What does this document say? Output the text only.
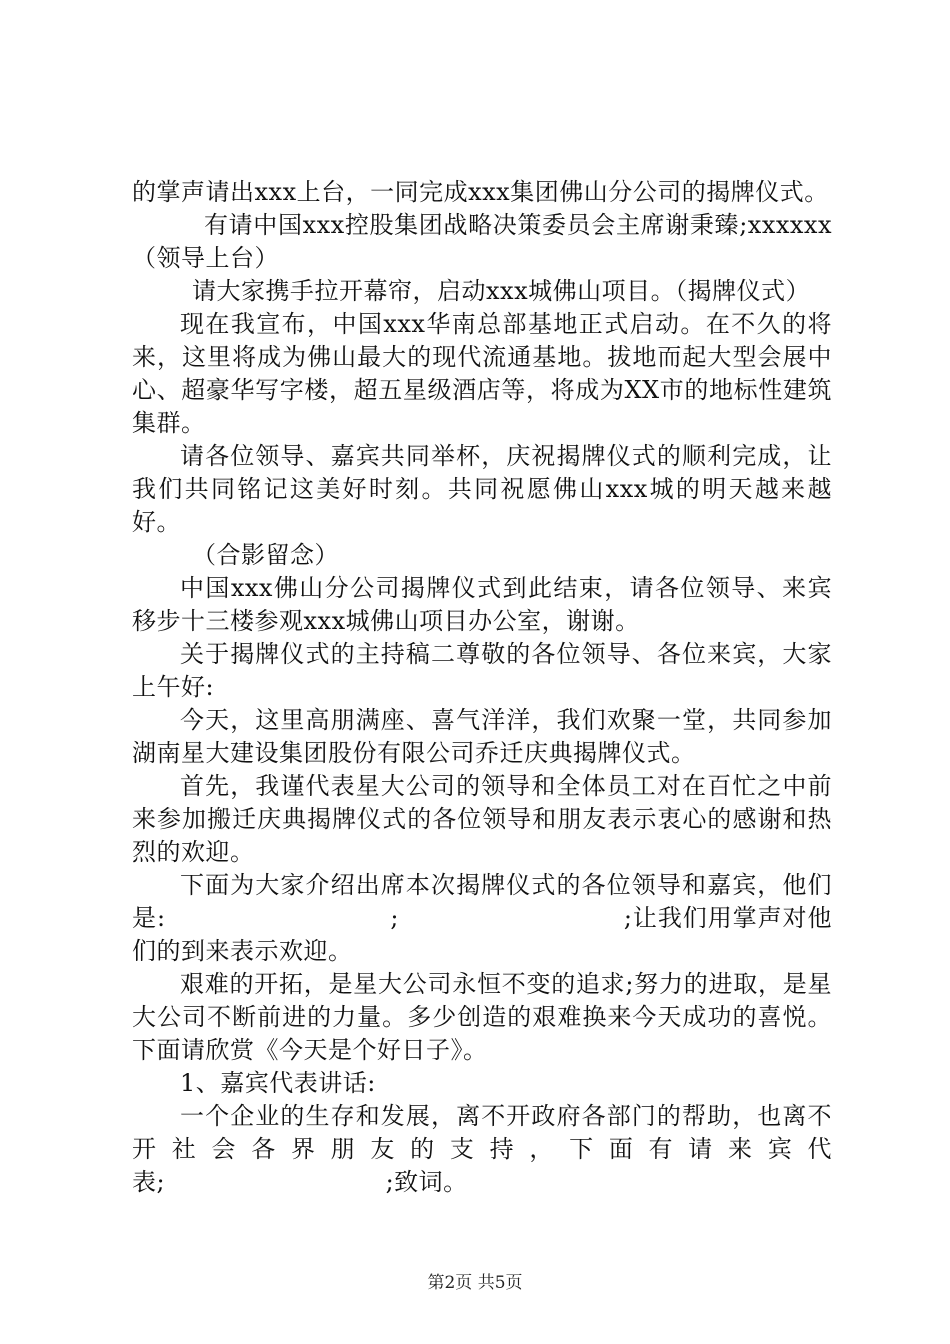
的掌声请出xxx上台，一同完成xxx集团佛山分公司的揭牌仪式。

有请中国xxx控股集团战略决策委员会主席谢秉臻;xxxxxx（领导上台）

请大家携手拉开幕帘，启动xxx城佛山项目。（揭牌仪式）

现在我宣布，中国xxx华南总部基地正式启动。在不久的将来，这里将成为佛山最大的现代流通基地。拔地而起大型会展中心、超豪华写字楼，超五星级酒店等，将成为XX市的地标性建筑集群。

请各位领导、嘉宾共同举杯，庆祝揭牌仪式的顺利完成，让我们共同铭记这美好时刻。共同祝愿佛山xxx城的明天越来越好。

（合影留念）

中国xxx佛山分公司揭牌仪式到此结束，请各位领导、来宾移步十三楼参观xxx城佛山项目办公室，谢谢。

关于揭牌仪式的主持稿二尊敬的各位领导、各位来宾，大家上午好:

今天，这里高朋满座、喜气洋洋，我们欢聚一堂，共同参加湖南星大建设集团股份有限公司乔迁庆典揭牌仪式。

首先，我谨代表星大公司的领导和全体员工对在百忙之中前来参加搬迁庆典揭牌仪式的各位领导和朋友表示衷心的感谢和热烈的欢迎。

下面为大家介绍出席本次揭牌仪式的各位领导和嘉宾，他们是:　　　　　　　　　;　　　　　　　　　;让我们用掌声对他们的到来表示欢迎。

艰难的开拓，是星大公司永恒不变的追求;努力的进取，是星大公司不断前进的力量。多少创造的艰难换来今天成功的喜悦。下面请欣赏《今天是个好日子》。

1、嘉宾代表讲话:

一个企业的生存和发展，离不开政府各部门的帮助，也离不开社会各界朋友的支持，下面有请来宾代表;　　　　　　　　　;致词。

第2页 共5页
